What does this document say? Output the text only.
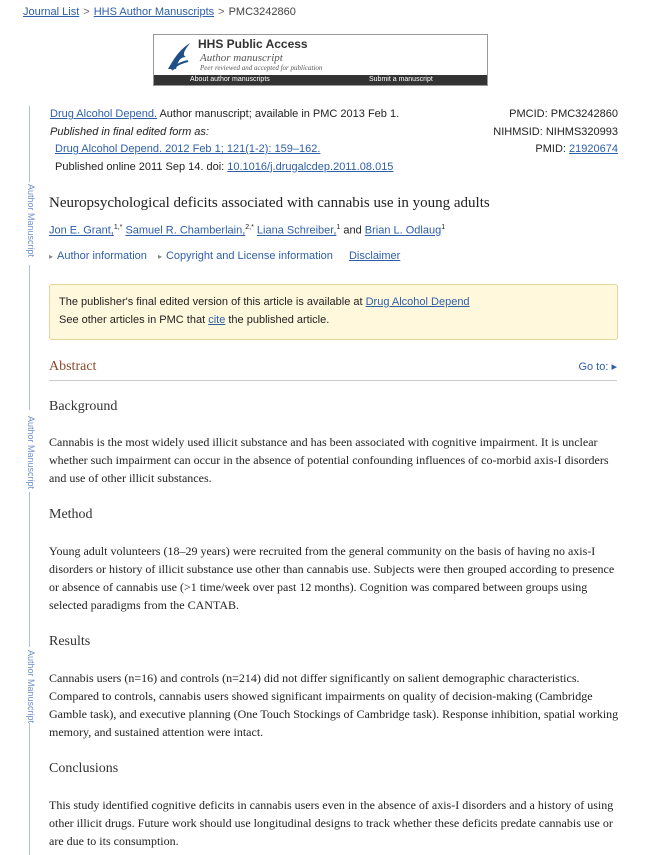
Journal List > HHS Author Manuscripts > PMC3242860
HHS Public Access
Author manuscript
Peer reviewed and accepted for publication
About author manuscripts	Submit a manuscript
Author Manuscript
Author Manuscript
Author Manuscript
Drug Alcohol Depend. Author manuscript; available in PMC 2013 Feb 1.
Published in final edited form as:
Drug Alcohol Depend. 2012 Feb 1; 121(1-2): 159–162.
Published online 2011 Sep 14. doi: 10.1016/j.drugalcdep.2011.08.015
PMCID: PMC3242860
NIHMSID: NIHMS320993
PMID: 21920674
Neuropsychological deficits associated with cannabis use in young adults
Jon E. Grant,$^{1,*}$ Samuel R. Chamberlain,$^{2,*}$ Liana Schreiber,$^1$ and Brian L. Odlaug$^1$
▸ Author information ▸ Copyright and License information Disclaimer
The publisher's final edited version of this article is available at Drug Alcohol Depend
See other articles in PMC that cite the published article.
Abstract	Go to: ▸
Background
Cannabis is the most widely used illicit substance and has been associated with cognitive impairment. It is unclear whether such impairment can occur in the absence of potential confounding influences of co-morbid axis-I disorders and use of other illicit substances.
Method
Young adult volunteers (18–29 years) were recruited from the general community on the basis of having no axis-I disorders or history of illicit substance use other than cannabis use. Subjects were then grouped according to presence or absence of cannabis use (>1 time/week over past 12 months). Cognition was compared between groups using selected paradigms from the CANTAB.
Results
Cannabis users (n=16) and controls (n=214) did not differ significantly on salient demographic characteristics. Compared to controls, cannabis users showed significant impairments on quality of decision-making (Cambridge Gamble task), and executive planning (One Touch Stockings of Cambridge task). Response inhibition, spatial working memory, and sustained attention were intact.
Conclusions
This study identified cognitive deficits in cannabis users even in the absence of axis-I disorders and a history of using other illicit drugs. Future work should use longitudinal designs to track whether these deficits predate cannabis use or are due to its consumption.
